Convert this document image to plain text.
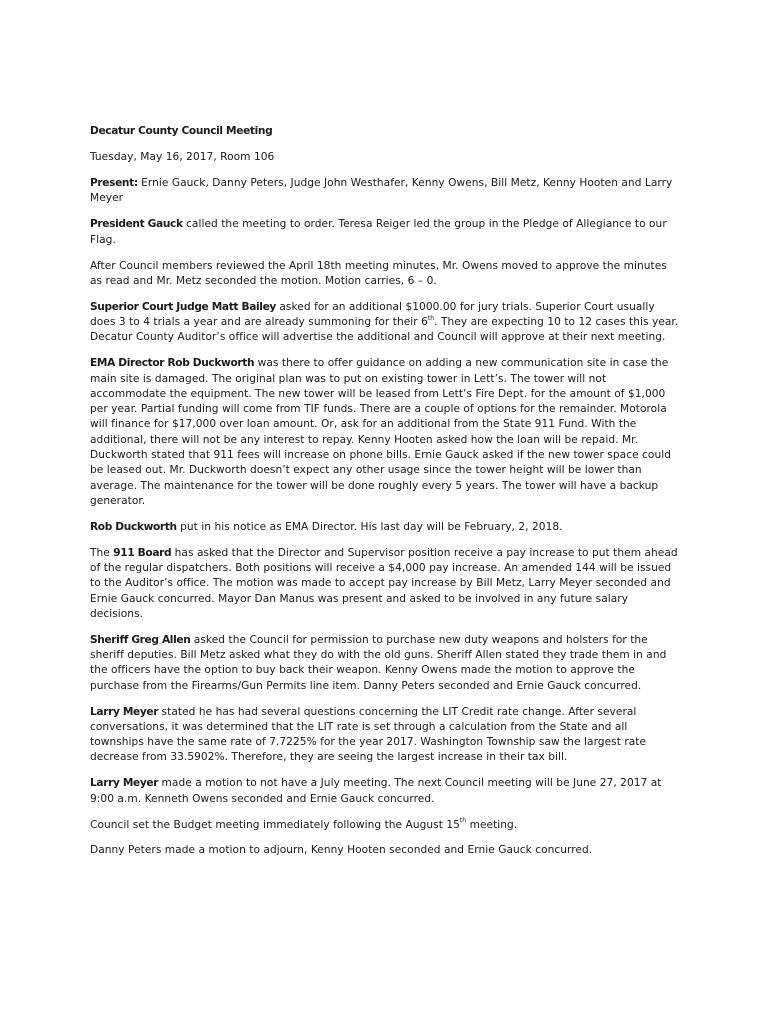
Decatur County Council Meeting

Tuesday, May 16, 2017, Room 106

Present: Ernie Gauck, Danny Peters, Judge John Westhafer, Kenny Owens, Bill Metz, Kenny Hooten and Larry Meyer

President Gauck called the meeting to order. Teresa Reiger led the group in the Pledge of Allegiance to our Flag.

After Council members reviewed the April 18th meeting minutes, Mr. Owens moved to approve the minutes as read and Mr. Metz seconded the motion. Motion carries, 6 – 0.

Superior Court Judge Matt Bailey asked for an additional $1000.00 for jury trials. Superior Court usually does 3 to 4 trials a year and are already summoning for their 6th. They are expecting 10 to 12 cases this year. Decatur County Auditor’s office will advertise the additional and Council will approve at their next meeting.

EMA Director Rob Duckworth was there to offer guidance on adding a new communication site in case the main site is damaged. The original plan was to put on existing tower in Lett’s. The tower will not accommodate the equipment. The new tower will be leased from Lett’s Fire Dept. for the amount of $1,000 per year. Partial funding will come from TIF funds. There are a couple of options for the remainder. Motorola will finance for $17,000 over loan amount. Or, ask for an additional from the State 911 Fund. With the additional, there will not be any interest to repay. Kenny Hooten asked how the loan will be repaid. Mr. Duckworth stated that 911 fees will increase on phone bills. Ernie Gauck asked if the new tower space could be leased out. Mr. Duckworth doesn’t expect any other usage since the tower height will be lower than average. The maintenance for the tower will be done roughly every 5 years. The tower will have a backup generator.

Rob Duckworth put in his notice as EMA Director. His last day will be February, 2, 2018.

The 911 Board has asked that the Director and Supervisor position receive a pay increase to put them ahead of the regular dispatchers. Both positions will receive a $4,000 pay increase. An amended 144 will be issued to the Auditor’s office. The motion was made to accept pay increase by Bill Metz, Larry Meyer seconded and Ernie Gauck concurred. Mayor Dan Manus was present and asked to be involved in any future salary decisions.

Sheriff Greg Allen asked the Council for permission to purchase new duty weapons and holsters for the sheriff deputies. Bill Metz asked what they do with the old guns. Sheriff Allen stated they trade them in and the officers have the option to buy back their weapon. Kenny Owens made the motion to approve the purchase from the Firearms/Gun Permits line item. Danny Peters seconded and Ernie Gauck concurred.

Larry Meyer stated he has had several questions concerning the LIT Credit rate change. After several conversations, it was determined that the LIT rate is set through a calculation from the State and all townships have the same rate of 7.7225% for the year 2017. Washington Township saw the largest rate decrease from 33.5902%. Therefore, they are seeing the largest increase in their tax bill.

Larry Meyer made a motion to not have a July meeting. The next Council meeting will be June 27, 2017 at 9:00 a.m. Kenneth Owens seconded and Ernie Gauck concurred.

Council set the Budget meeting immediately following the August 15th meeting.

Danny Peters made a motion to adjourn, Kenny Hooten seconded and Ernie Gauck concurred.
